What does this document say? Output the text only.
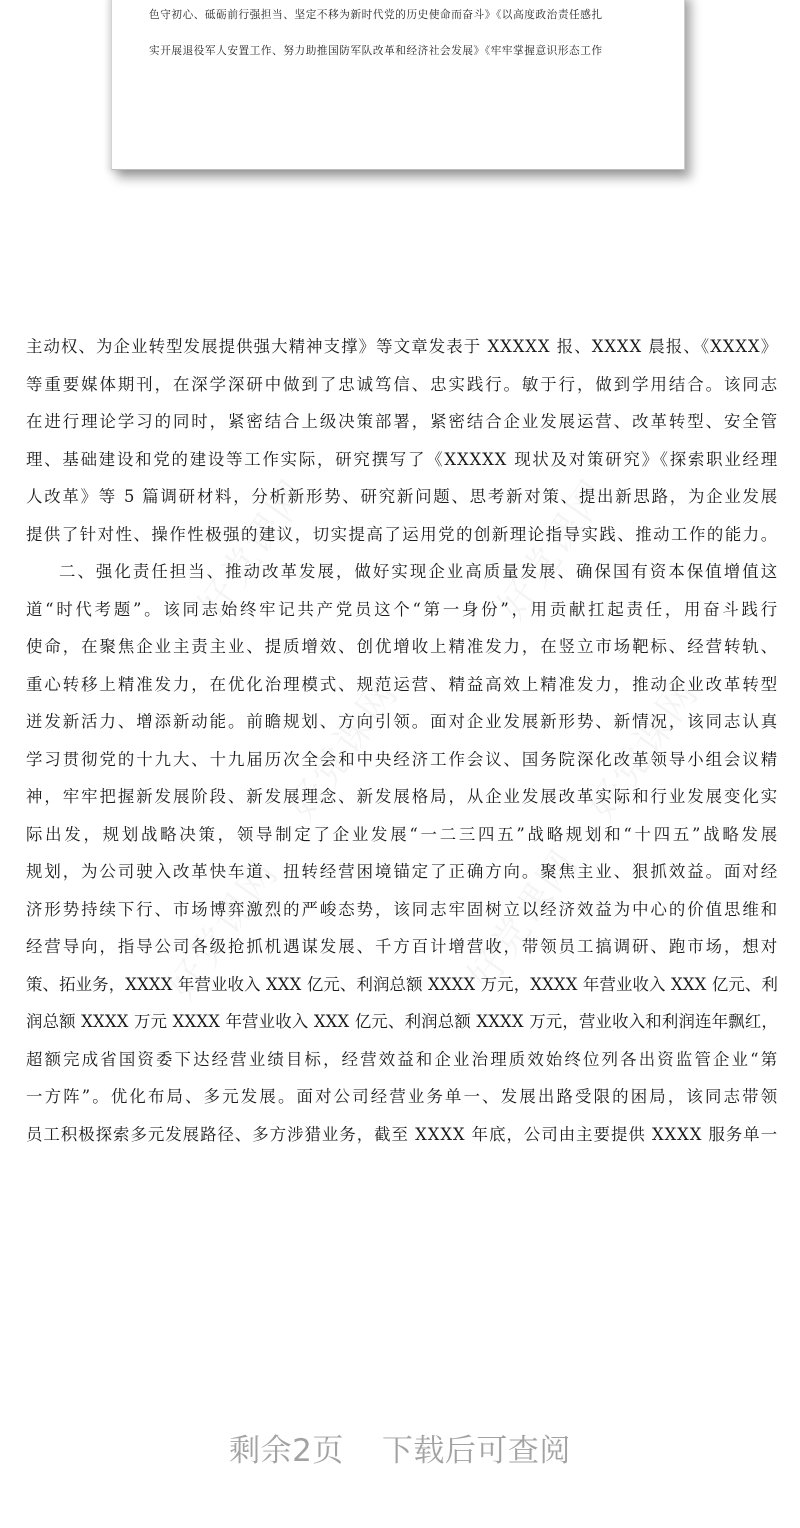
色守初心、砥砺前行强担当、坚定不移为新时代党的历史使命而奋斗》《以高度政治责任感扎
实开展退役军人安置工作、努力助推国防军队改革和经济社会发展》《牢牢掌握意识形态工作
主动权、为企业转型发展提供强大精神支撑》等文章发表于 XXXXX 报、XXXX 晨报、《XXXX》
等重要媒体期刊，在深学深研中做到了忠诚笃信、忠实践行。敏于行，做到学用结合。该同志
在进行理论学习的同时，紧密结合上级决策部署，紧密结合企业发展运营、改革转型、安全管
理、基础建设和党的建设等工作实际，研究撰写了《XXXXX 现状及对策研究》《探索职业经理
人改革》等 5 篇调研材料，分析新形势、研究新问题、思考新对策、提出新思路，为企业发展
提供了针对性、操作性极强的建议，切实提高了运用党的创新理论指导实践、推动工作的能力。
二、强化责任担当、推动改革发展，做好实现企业高质量发展、确保国有资本保值增值这
道“时代考题”。该同志始终牢记共产党员这个“第一身份”，用贡献扛起责任，用奋斗践行
使命，在聚焦企业主责主业、提质增效、创优增收上精准发力，在竖立市场靶标、经营转轨、
重心转移上精准发力，在优化治理模式、规范运营、精益高效上精准发力，推动企业改革转型
迸发新活力、增添新动能。前瞻规划、方向引领。面对企业发展新形势、新情况，该同志认真
学习贯彻党的十九大、十九届历次全会和中央经济工作会议、国务院深化改革领导小组会议精
神，牢牢把握新发展阶段、新发展理念、新发展格局，从企业发展改革实际和行业发展变化实
际出发，规划战略决策，领导制定了企业发展“一二三四五”战略规划和“十四五”战略发展
规划，为公司驶入改革快车道、扭转经营困境锚定了正确方向。聚焦主业、狠抓效益。面对经
济形势持续下行、市场博弈激烈的严峻态势，该同志牢固树立以经济效益为中心的价值思维和
经营导向，指导公司各级抢抓机遇谋发展、千方百计增营收，带领员工搞调研、跑市场，想对
策、拓业务，XXXX 年营业收入 XXX 亿元、利润总额 XXXX 万元，XXXX 年营业收入 XXX 亿元、利
润总额 XXXX 万元 XXXX 年营业收入 XXX 亿元、利润总额 XXXX 万元，营业收入和利润连年飘红，
超额完成省国资委下达经营业绩目标，经营效益和企业治理质效始终位列各出资监管企业“第
一方阵”。优化布局、多元发展。面对公司经营业务单一、发展出路受限的困局，该同志带领
员工积极探索多元发展路径、多方涉猎业务，截至 XXXX 年底，公司由主要提供 XXXX 服务单一
剩余2页 下载后可查阅
